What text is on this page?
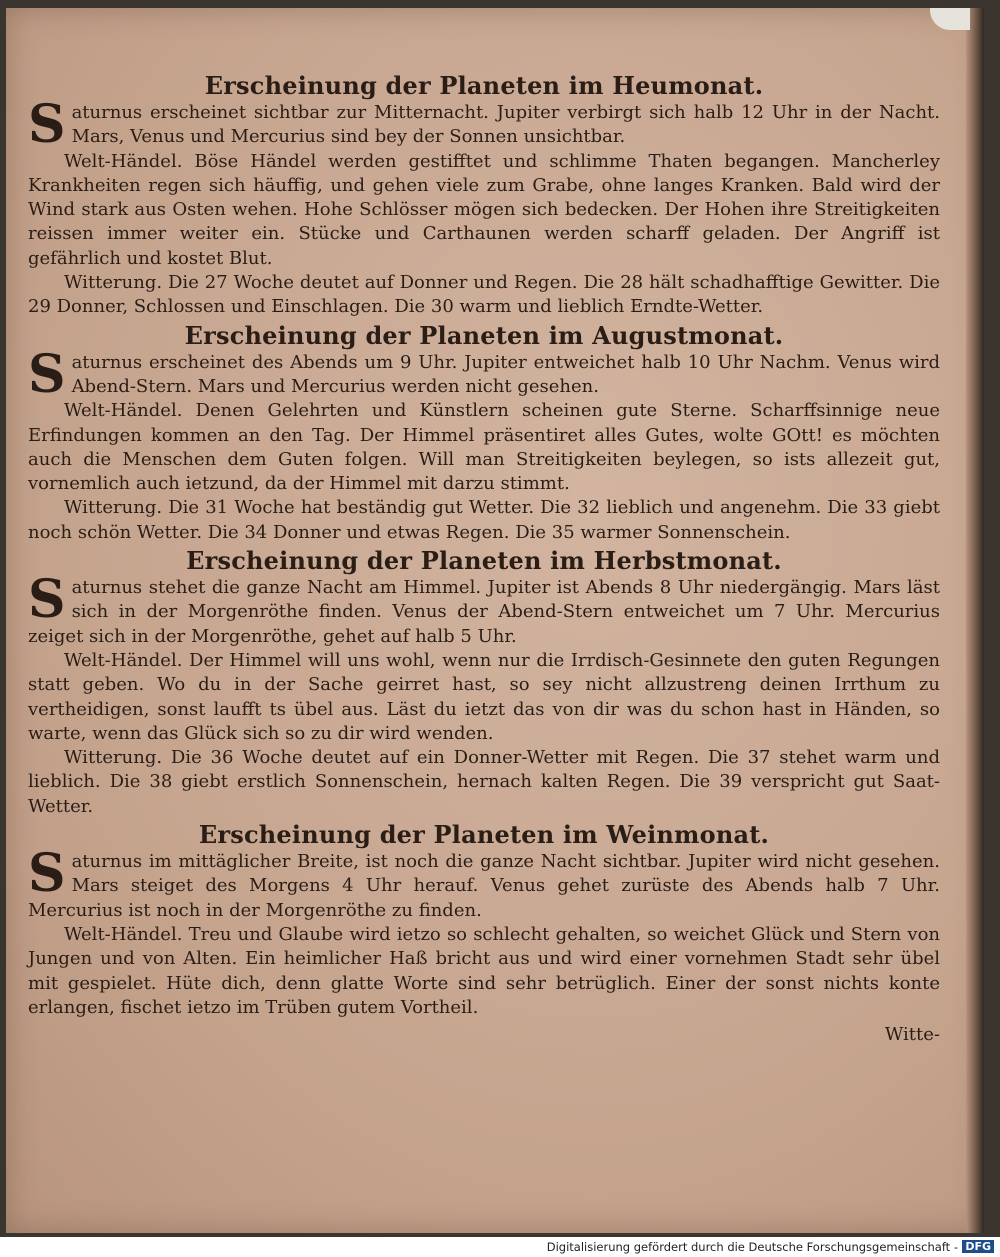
Erscheinung der Planeten im Heumonat.

Saturnus erscheinet sichtbar zur Mitternacht. Jupiter verbirgt sich halb 12 Uhr in der Nacht. Mars, Venus und Mercurius sind bey der Sonnen unsichtbar.

Welt-Händel. Böse Händel werden gestifftet und schlimme Thaten begangen. Mancherley Krankheiten regen sich häuffig, und gehen viele zum Grabe, ohne langes Kranken. Bald wird der Wind stark aus Osten wehen. Hohe Schlösser mögen sich bedecken. Der Hohen ihre Streitigkeiten reissen immer weiter ein. Stücke und Carthaunen werden scharff geladen. Der Angriff ist gefährlich und kostet Blut.

Witterung. Die 27 Woche deutet auf Donner und Regen. Die 28 hält schadhafftige Gewitter. Die 29 Donner, Schlossen und Einschlagen. Die 30 warm und lieblich Erndte-Wetter.

Erscheinung der Planeten im Augustmonat.

Saturnus erscheinet des Abends um 9 Uhr. Jupiter entweichet halb 10 Uhr Nachm. Venus wird Abend-Stern. Mars und Mercurius werden nicht gesehen.

Welt-Händel. Denen Gelehrten und Künstlern scheinen gute Sterne. Scharffsinnige neue Erfindungen kommen an den Tag. Der Himmel präsentiret alles Gutes, wolte GOtt! es möchten auch die Menschen dem Guten folgen. Will man Streitigkeiten beylegen, so ists allezeit gut, vornemlich auch ietzund, da der Himmel mit darzu stimmt.

Witterung. Die 31 Woche hat beständig gut Wetter. Die 32 lieblich und angenehm. Die 33 giebt noch schön Wetter. Die 34 Donner und etwas Regen. Die 35 warmer Sonnenschein.

Erscheinung der Planeten im Herbstmonat.

Saturnus stehet die ganze Nacht am Himmel. Jupiter ist Abends 8 Uhr niedergängig. Mars läst sich in der Morgenröthe finden. Venus der Abend-Stern entweichet um 7 Uhr. Mercurius zeiget sich in der Morgenröthe, gehet auf halb 5 Uhr.

Welt-Händel. Der Himmel will uns wohl, wenn nur die Irrdisch-Gesinnete den guten Regungen statt geben. Wo du in der Sache geirret hast, so sey nicht allzustreng deinen Irrthum zu vertheidigen, sonst laufft ts übel aus. Läst du ietzt das von dir was du schon hast in Händen, so warte, wenn das Glück sich so zu dir wird wenden.

Witterung. Die 36 Woche deutet auf ein Donner-Wetter mit Regen. Die 37 stehet warm und lieblich. Die 38 giebt erstlich Sonnenschein, hernach kalten Regen. Die 39 verspricht gut Saat-Wetter.

Erscheinung der Planeten im Weinmonat.

Saturnus im mittäglicher Breite, ist noch die ganze Nacht sichtbar. Jupiter wird nicht gesehen. Mars steiget des Morgens 4 Uhr herauf. Venus gehet zurüste des Abends halb 7 Uhr. Mercurius ist noch in der Morgenröthe zu finden.

Welt-Händel. Treu und Glaube wird ietzo so schlecht gehalten, so weichet Glück und Stern von Jungen und von Alten. Ein heimlicher Haß bricht aus und wird einer vornehmen Stadt sehr übel mit gespielet. Hüte dich, denn glatte Worte sind sehr betrüglich. Einer der sonst nichts konte erlangen, fischet ietzo im Trüben gutem Vortheil.

Witte-
Digitalisierung gefördert durch die Deutsche Forschungsgemeinschaft - DFG
